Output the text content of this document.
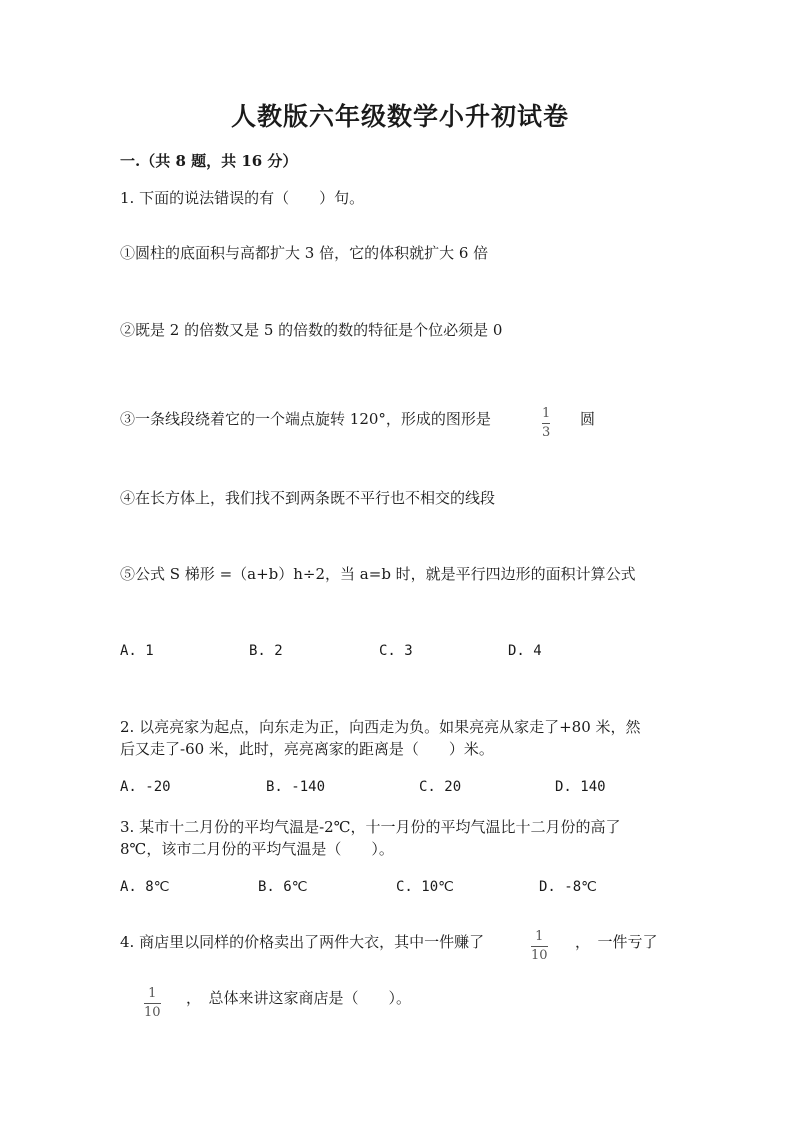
人教版六年级数学小升初试卷
一.（共 8 题，共 16 分）
1. 下面的说法错误的有（　　）句。
①圆柱的底面积与高都扩大 3 倍，它的体积就扩大 6 倍
②既是 2 的倍数又是 5 的倍数的数的特征是个位必须是 0
③一条线段绕着它的一个端点旋转 120°，形成的图形是	$\frac{1}{3}$ 圆
④在长方体上，我们找不到两条既不平行也不相交的线段
⑤公式 S 梯形 =（a+b）h÷2，当 a=b 时，就是平行四边形的面积计算公式
A. 1	B. 2	C. 3	D. 4
2. 以亮亮家为起点，向东走为正，向西走为负。如果亮亮从家走了+80 米，然
后又走了-60 米，此时，亮亮离家的距离是（　　）米。
A. -20	B. -140	C. 20	D. 140
3. 某市十二月份的平均气温是-2℃，十一月份的平均气温比十二月份的高了
8℃，该市二月份的平均气温是（　　）。
A. 8℃	B. 6℃	C. 10℃	D. -8℃
4. 商店里以同样的价格卖出了两件大衣，其中一件赚了	$\frac{1}{10}$ ，　一件亏了
$\frac{1}{10}$ ，　总体来讲这家商店是（　　）。
